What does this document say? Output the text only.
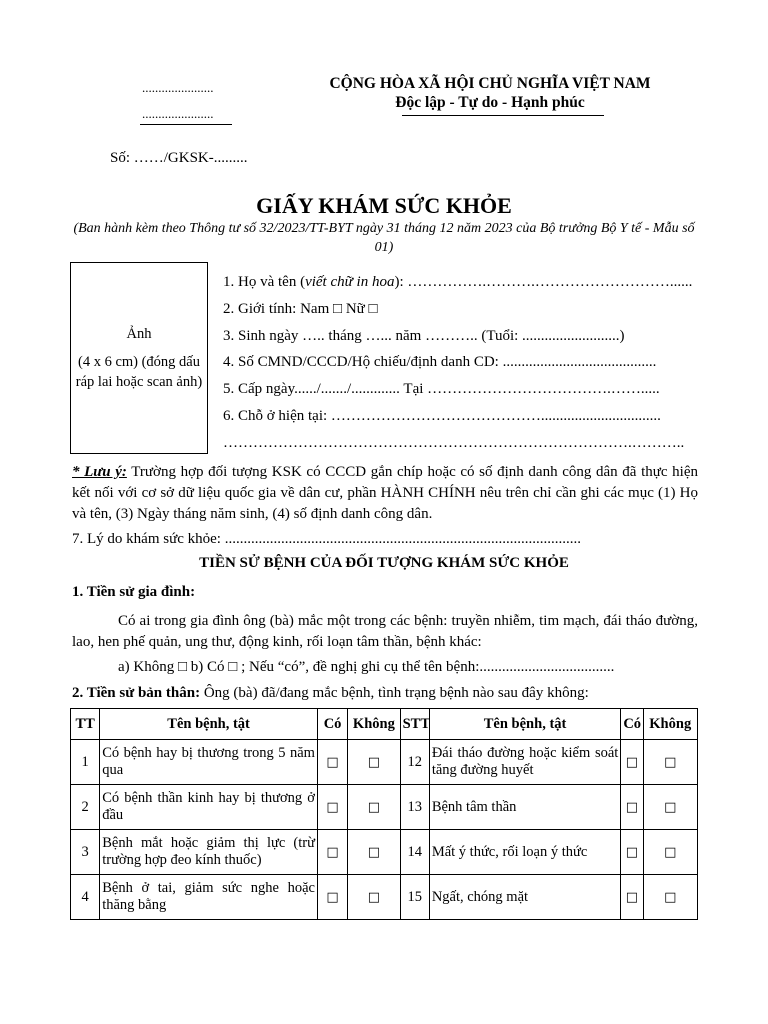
......................
......................
CỘNG HÒA XÃ HỘI CHỦ NGHĨA VIỆT NAM
Độc lập - Tự do - Hạnh phúc
Số: ……/GKSK-.........
GIẤY KHÁM SỨC KHỎE
(Ban hành kèm theo Thông tư số 32/2023/TT-BYT ngày 31 tháng 12 năm 2023 của Bộ trưởng Bộ Y tế - Mẫu số 01)
Ảnh
(4 x 6 cm) (đóng dấu ráp lai hoặc scan ảnh)
1. Họ và tên (viết chữ in hoa): …………….……….………………………......
2. Giới tính: Nam □ Nữ □
3. Sinh ngày ….. tháng …... năm ……….. (Tuổi: ..........................)
4. Số CMND/CCCD/Hộ chiếu/định danh CD: .........................................
5. Cấp ngày....../......./............. Tại ……………………………….…….....
6. Chỗ ở hiện tại: ……………………………………................................
……………………………………………………………………….………..
* Lưu ý: Trường hợp đối tượng KSK có CCCD gắn chíp hoặc có số định danh công dân đã thực hiện kết nối với cơ sở dữ liệu quốc gia về dân cư, phần HÀNH CHÍNH nêu trên chỉ cần ghi các mục (1) Họ và tên, (3) Ngày tháng năm sinh, (4) số định danh công dân.
7. Lý do khám sức khỏe: ...............................................................................................
TIỀN SỬ BỆNH CỦA ĐỐI TƯỢNG KHÁM SỨC KHỎE
1. Tiền sử gia đình:
Có ai trong gia đình ông (bà) mắc một trong các bệnh: truyền nhiễm, tim mạch, đái tháo đường, lao, hen phế quản, ung thư, động kinh, rối loạn tâm thần, bệnh khác:
a) Không □ b) Có □ ; Nếu “có”, đề nghị ghi cụ thể tên bệnh:....................................
2. Tiền sử bản thân: Ông (bà) đã/đang mắc bệnh, tình trạng bệnh nào sau đây không:
TT	Tên bệnh, tật	Có	Không	STT	Tên bệnh, tật	Có	Không
1	Có bệnh hay bị thương trong 5 năm qua	□	□	12	Đái tháo đường hoặc kiểm soát tăng đường huyết	□	□
2	Có bệnh thần kinh hay bị thương ở đầu	□	□	13	Bệnh tâm thần	□	□
3	Bệnh mắt hoặc giảm thị lực (trừ trường hợp đeo kính thuốc)	□	□	14	Mất ý thức, rối loạn ý thức	□	□
4	Bệnh ở tai, giảm sức nghe hoặc thăng bằng	□	□	15	Ngất, chóng mặt	□	□
